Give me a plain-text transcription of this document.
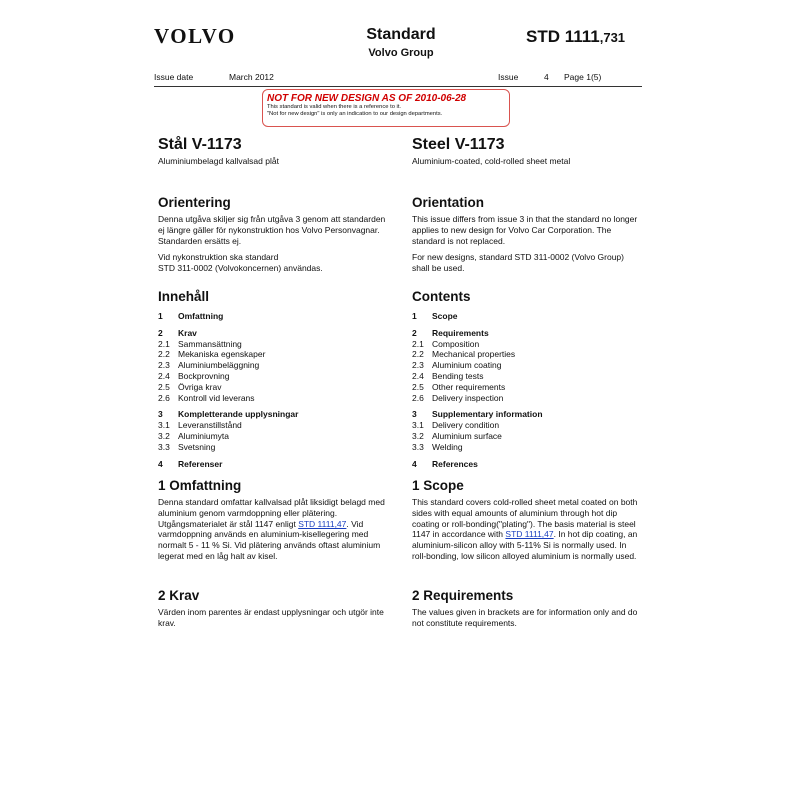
VOLVO	Standard
Volvo Group
STD 1111,731
Issue date	March 2012	Issue	4 Page 1(5)
NOT FOR NEW DESIGN AS OF 2010-06-28
This standard is valid when there is a reference to it.
"Not for new design" is only an indication to our design departments.
Stål V-1173
Aluminiumbelagd kallvalsad plåt
Orientering

Denna utgåva skiljer sig från utgåva 3 genom att standarden ej längre gäller för nykonstruktion hos Volvo Personvagnar. Standarden ersätts ej.

Vid nykonstruktion ska standard

STD 311-0002 (Volvokoncernen) användas.

Innehåll
1	Omfattning
2	Krav
2.1 Sammansättning
2.2 Mekaniska egenskaper
2.3 Aluminiumbeläggning
2.4 Bockprovning
2.5 Övriga krav
2.6 Kontroll vid leverans
3	Kompletterande upplysningar
3.1 Leveranstillstånd
3.2 Aluminiumyta
3.3 Svetsning
4	Referenser
1 Omfattning

Denna standard omfattar kallvalsad plåt liksidigt belagd med aluminium genom varmdoppning eller plätering. Utgångsmaterialet är stål 1147 enligt STD 1111,47. Vid varmdoppning används en aluminium-kisellegering med normalt 5 - 11 % Si. Vid plätering används oftast aluminium legerat med en låg halt av kisel.

2 Krav

Värden inom parentes är endast upplysningar och utgör inte krav.

Steel V-1173
Aluminium-coated, cold-rolled sheet metal
Orientation

This issue differs from issue 3 in that the standard no longer applies to new design for Volvo Car Corporation. The standard is not replaced.

For new designs, standard STD 311-0002 (Volvo Group) shall be used.

Contents
1	Scope
2	Requirements
2.1 Composition
2.2 Mechanical properties
2.3 Aluminium coating
2.4 Bending tests
2.5 Other requirements
2.6 Delivery inspection
3	Supplementary information
3.1 Delivery condition
3.2 Aluminium surface
3.3 Welding
4	References
1 Scope

This standard covers cold-rolled sheet metal coated on both sides with equal amounts of aluminium through hot dip coating or roll-bonding("plating"). The basis material is steel 1147 in accordance with STD 1111,47. In hot dip coating, an aluminium-silicon alloy with 5-11% Si is normally used. In roll-bonding, low silicon alloyed aluminium is normally used.

2 Requirements

The values given in brackets are for information only and do not constitute requirements.
